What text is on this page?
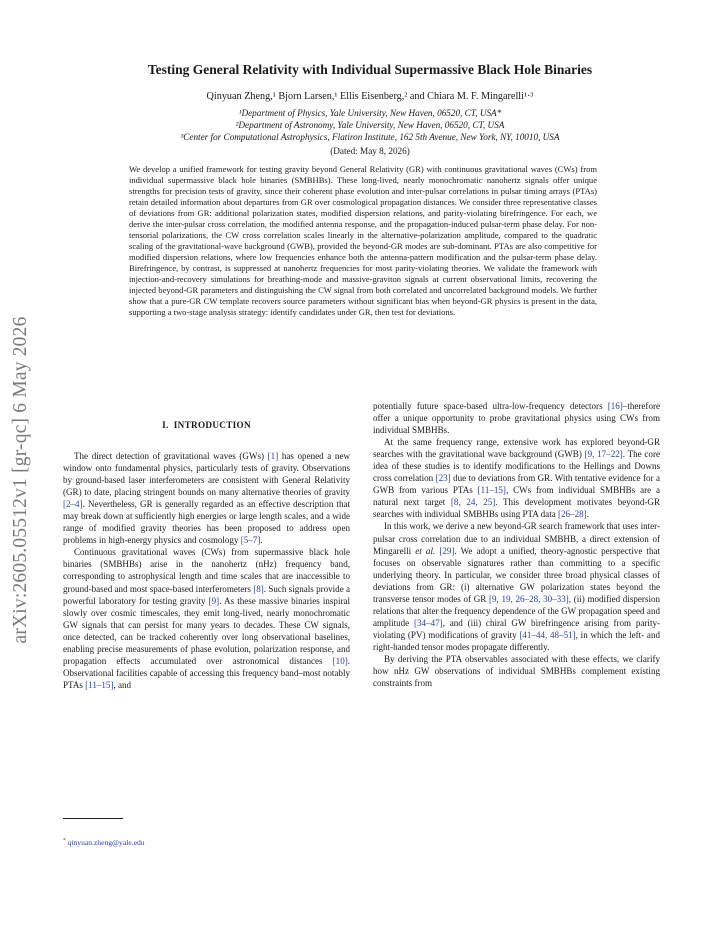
arXiv:2605.05512v1 [gr-qc] 6 May 2026
Testing General Relativity with Individual Supermassive Black Hole Binaries
Qinyuan Zheng,¹ Bjorn Larsen,¹ Ellis Eisenberg,² and Chiara M. F. Mingarelli¹·³
¹Department of Physics, Yale University, New Haven, 06520, CT, USA*
²Department of Astronomy, Yale University, New Haven, 06520, CT, USA
³Center for Computational Astrophysics, Flatiron Institute, 162 5th Avenue, New York, NY, 10010, USA
(Dated: May 8, 2026)
We develop a unified framework for testing gravity beyond General Relativity (GR) with continuous gravitational waves (CWs) from individual supermassive black hole binaries (SMBHBs). These long-lived, nearly monochromatic nanohertz signals offer unique strengths for precision tests of gravity, since their coherent phase evolution and inter-pulsar correlations in pulsar timing arrays (PTAs) retain detailed information about departures from GR over cosmological propagation distances. We consider three representative classes of deviations from GR: additional polarization states, modified dispersion relations, and parity-violating birefringence. For each, we derive the inter-pulsar cross correlation, the modified antenna response, and the propagation-induced pulsar-term phase delay. For non-tensorial polarizations, the CW cross correlation scales linearly in the alternative-polarization amplitude, compared to the quadratic scaling of the gravitational-wave background (GWB), provided the beyond-GR modes are sub-dominant. PTAs are also competitive for modified dispersion relations, where low frequencies enhance both the antenna-pattern modification and the pulsar-term phase delay. Birefringence, by contrast, is suppressed at nanohertz frequencies for most parity-violating theories. We validate the framework with injection-and-recovery simulations for breathing-mode and massive-graviton signals at current observational limits, recovering the injected beyond-GR parameters and distinguishing the CW signal from both correlated and uncorrelated background models. We further show that a pure-GR CW template recovers source parameters without significant bias when beyond-GR physics is present in the data, supporting a two-stage analysis strategy: identify candidates under GR, then test for deviations.
I. INTRODUCTION

The direct detection of gravitational waves (GWs) [1] has opened a new window onto fundamental physics, particularly tests of gravity. Observations by ground-based laser interferometers are consistent with General Relativity (GR) to date, placing stringent bounds on many alternative theories of gravity [2–4]. Nevertheless, GR is generally regarded as an effective description that may break down at sufficiently high energies or large length scales, and a wide range of modified gravity theories has been proposed to address open problems in high-energy physics and cosmology [5–7].

Continuous gravitational waves (CWs) from supermassive black hole binaries (SMBHBs) arise in the nanohertz (nHz) frequency band, corresponding to astrophysical length and time scales that are inaccessible to ground-based and most space-based interferometers [8]. Such signals provide a powerful laboratory for testing gravity [9]. As these massive binaries inspiral slowly over cosmic timescales, they emit long-lived, nearly monochromatic GW signals that can persist for many years to decades. These CW signals, once detected, can be tracked coherently over long observational baselines, enabling precise measurements of phase evolution, polarization response, and propagation effects accumulated over astronomical distances [10]. Observational facilities capable of accessing this frequency band–most notably PTAs [11–15], and

potentially future space-based ultra-low-frequency detectors [16]–therefore offer a unique opportunity to probe gravitational physics using CWs from individual SMBHBs.

At the same frequency range, extensive work has explored beyond-GR searches with the gravitational wave background (GWB) [9, 17–22]. The core idea of these studies is to identify modifications to the Hellings and Downs cross correlation [23] due to deviations from GR. With tentative evidence for a GWB from various PTAs [11–15], CWs from individual SMBHBs are a natural next target [8, 24, 25]. This development motivates beyond-GR searches with individual SMBHBs using PTA data [26–28].

In this work, we derive a new beyond-GR search framework that uses inter-pulsar cross correlation due to an individual SMBHB, a direct extension of Mingarelli et al. [29]. We adopt a unified, theory-agnostic perspective that focuses on observable signatures rather than committing to a specific underlying theory. In particular, we consider three broad physical classes of deviations from GR: (i) alternative GW polarization states beyond the transverse tensor modes of GR [9, 19, 26–28, 30–33], (ii) modified dispersion relations that alter the frequency dependence of the GW propagation speed and amplitude [34–47], and (iii) chiral GW birefringence arising from parity-violating (PV) modifications of gravity [41–44, 48–51], in which the left- and right-handed tensor modes propagate differently.

By deriving the PTA observables associated with these effects, we clarify how nHz GW observations of individual SMBHBs complement existing constraints from

* qinyuan.zheng@yale.edu
